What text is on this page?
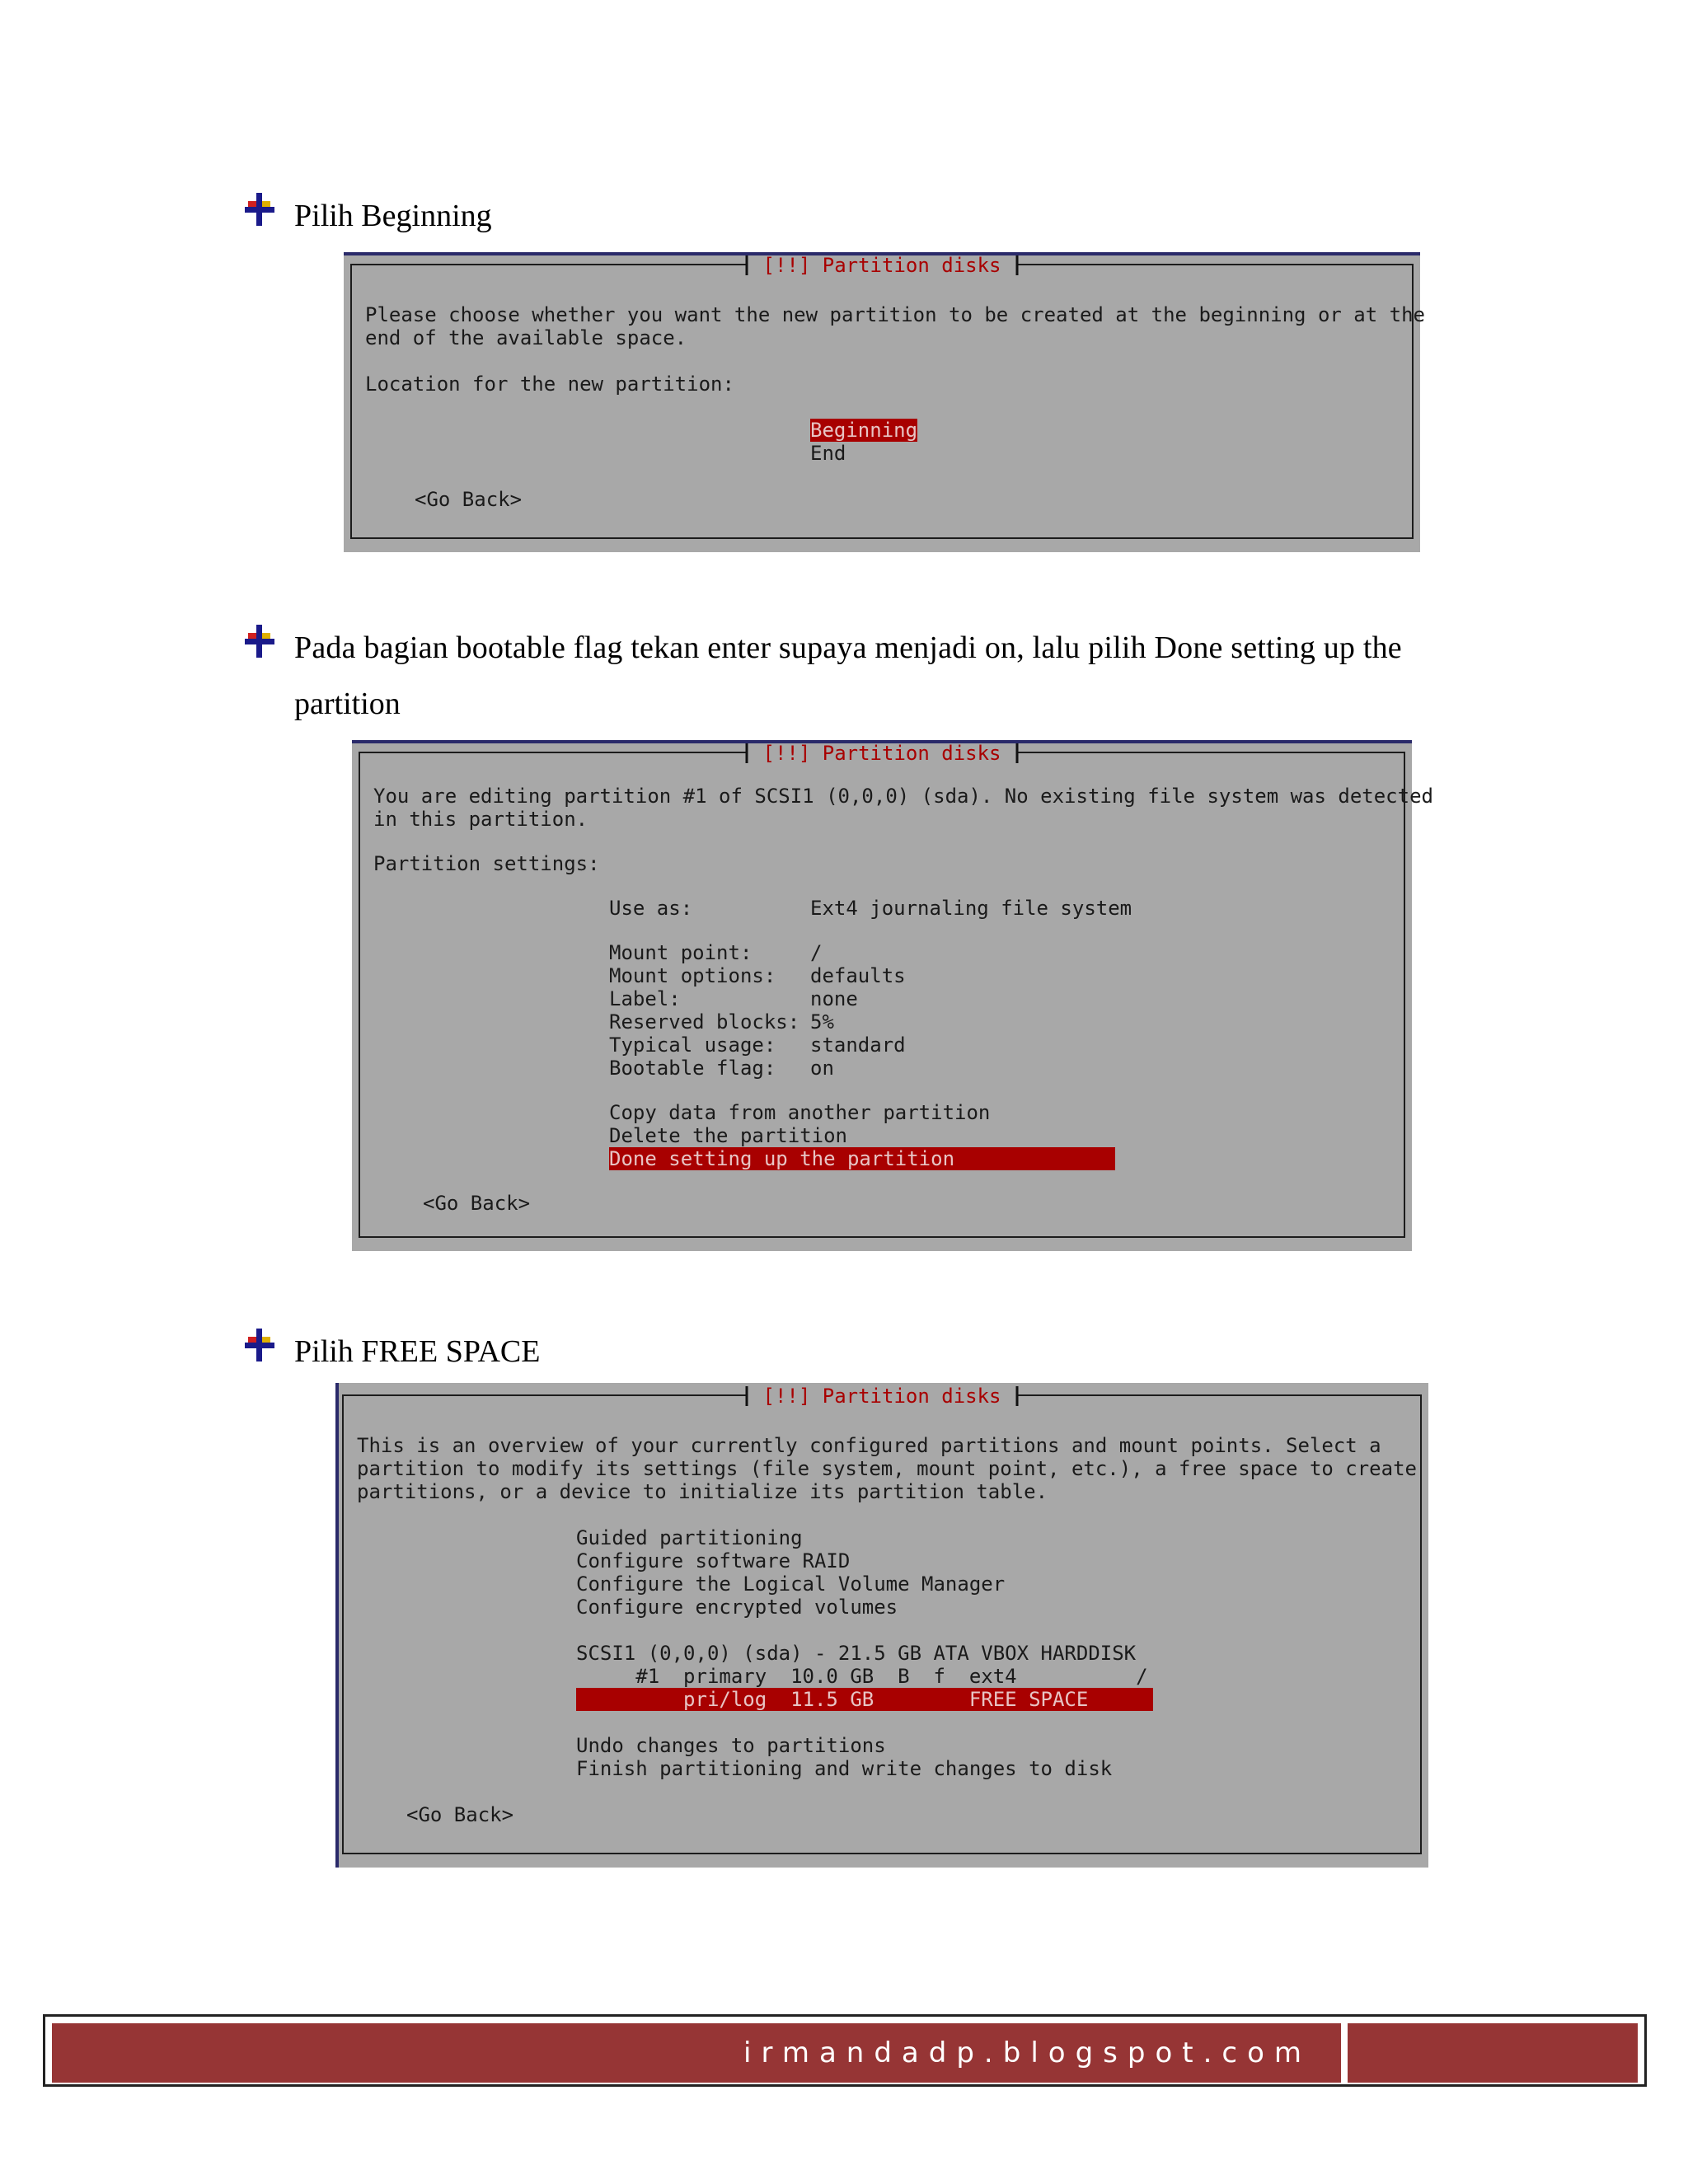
Pilih Beginning
[!!] Partition disks
Please choose whether you want the new partition to be created at the beginning or at the
end of the available space.
Location for the new partition:
Beginning
End
<Go Back>
Pada bagian bootable flag tekan enter supaya menjadi on, lalu pilih Done setting up the
partition
[!!] Partition disks
You are editing partition #1 of SCSI1 (0,0,0) (sda). No existing file system was detected
in this partition.
Partition settings:
Use as:	Ext4 journaling file system
Mount point:	/
Mount options: defaults
Label:	none
Reserved blocks: 5%
Typical usage: standard
Bootable flag: on
Copy data from another partition
Delete the partition
Done setting up the partition
<Go Back>
Pilih FREE SPACE
[!!] Partition disks
This is an overview of your currently configured partitions and mount points. Select a
partition to modify its settings (file system, mount point, etc.), a free space to create
partitions, or a device to initialize its partition table.
Guided partitioning
Configure software RAID
Configure the Logical Volume Manager
Configure encrypted volumes
SCSI1 (0,0,0) (sda) - 21.5 GB ATA VBOX HARDDISK
#1  primary  10.0 GB  B  f  ext4          /
pri/log  11.5 GB        FREE SPACE
Undo changes to partitions
Finish partitioning and write changes to disk
<Go Back>
irmandadp.blogspot.com
